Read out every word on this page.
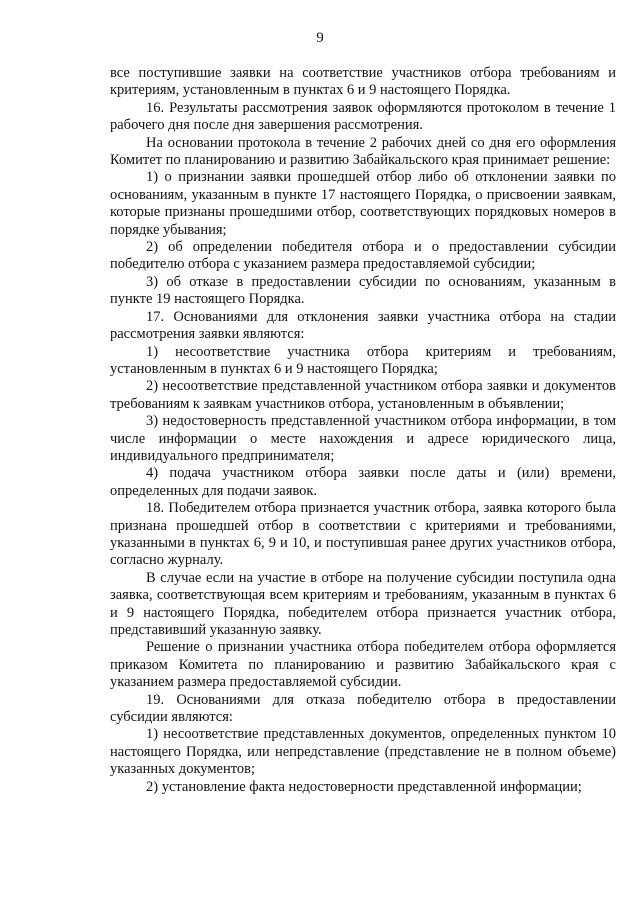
9

все поступившие заявки на соответствие участников отбора требованиям и критериям, установленным в пунктах 6 и 9 настоящего Порядка.

16. Результаты рассмотрения заявок оформляются протоколом в течение 1 рабочего дня после дня завершения рассмотрения.

На основании протокола в течение 2 рабочих дней со дня его оформления Комитет по планированию и развитию Забайкальского края принимает решение:

1) о признании заявки прошедшей отбор либо об отклонении заявки по основаниям, указанным в пункте 17 настоящего Порядка, о присвоении заявкам, которые признаны прошедшими отбор, соответствующих порядковых номеров в порядке убывания;

2) об определении победителя отбора и о предоставлении субсидии победителю отбора с указанием размера предоставляемой субсидии;

3) об отказе в предоставлении субсидии по основаниям, указанным в пункте 19 настоящего Порядка.

17. Основаниями для отклонения заявки участника отбора на стадии рассмотрения заявки являются:

1) несоответствие участника отбора критериям и требованиям, установленным в пунктах 6 и 9 настоящего Порядка;

2) несоответствие представленной участником отбора заявки и документов требованиям к заявкам участников отбора, установленным в объявлении;

3) недостоверность представленной участником отбора информации, в том числе информации о месте нахождения и адресе юридического лица, индивидуального предпринимателя;

4) подача участником отбора заявки после даты и (или) времени, определенных для подачи заявок.

18. Победителем отбора признается участник отбора, заявка которого была признана прошедшей отбор в соответствии с критериями и требованиями, указанными в пунктах 6, 9 и 10, и поступившая ранее других участников отбора, согласно журналу.

В случае если на участие в отборе на получение субсидии поступила одна заявка, соответствующая всем критериям и требованиям, указанным в пунктах 6 и 9 настоящего Порядка, победителем отбора признается участник отбора, представивший указанную заявку.

Решение о признании участника отбора победителем отбора оформляется приказом Комитета по планированию и развитию Забайкальского края с указанием размера предоставляемой субсидии.

19. Основаниями для отказа победителю отбора в предоставлении субсидии являются:

1) несоответствие представленных документов, определенных пунктом 10 настоящего Порядка, или непредставление (представление не в полном объеме) указанных документов;

2) установление факта недостоверности представленной информации;
